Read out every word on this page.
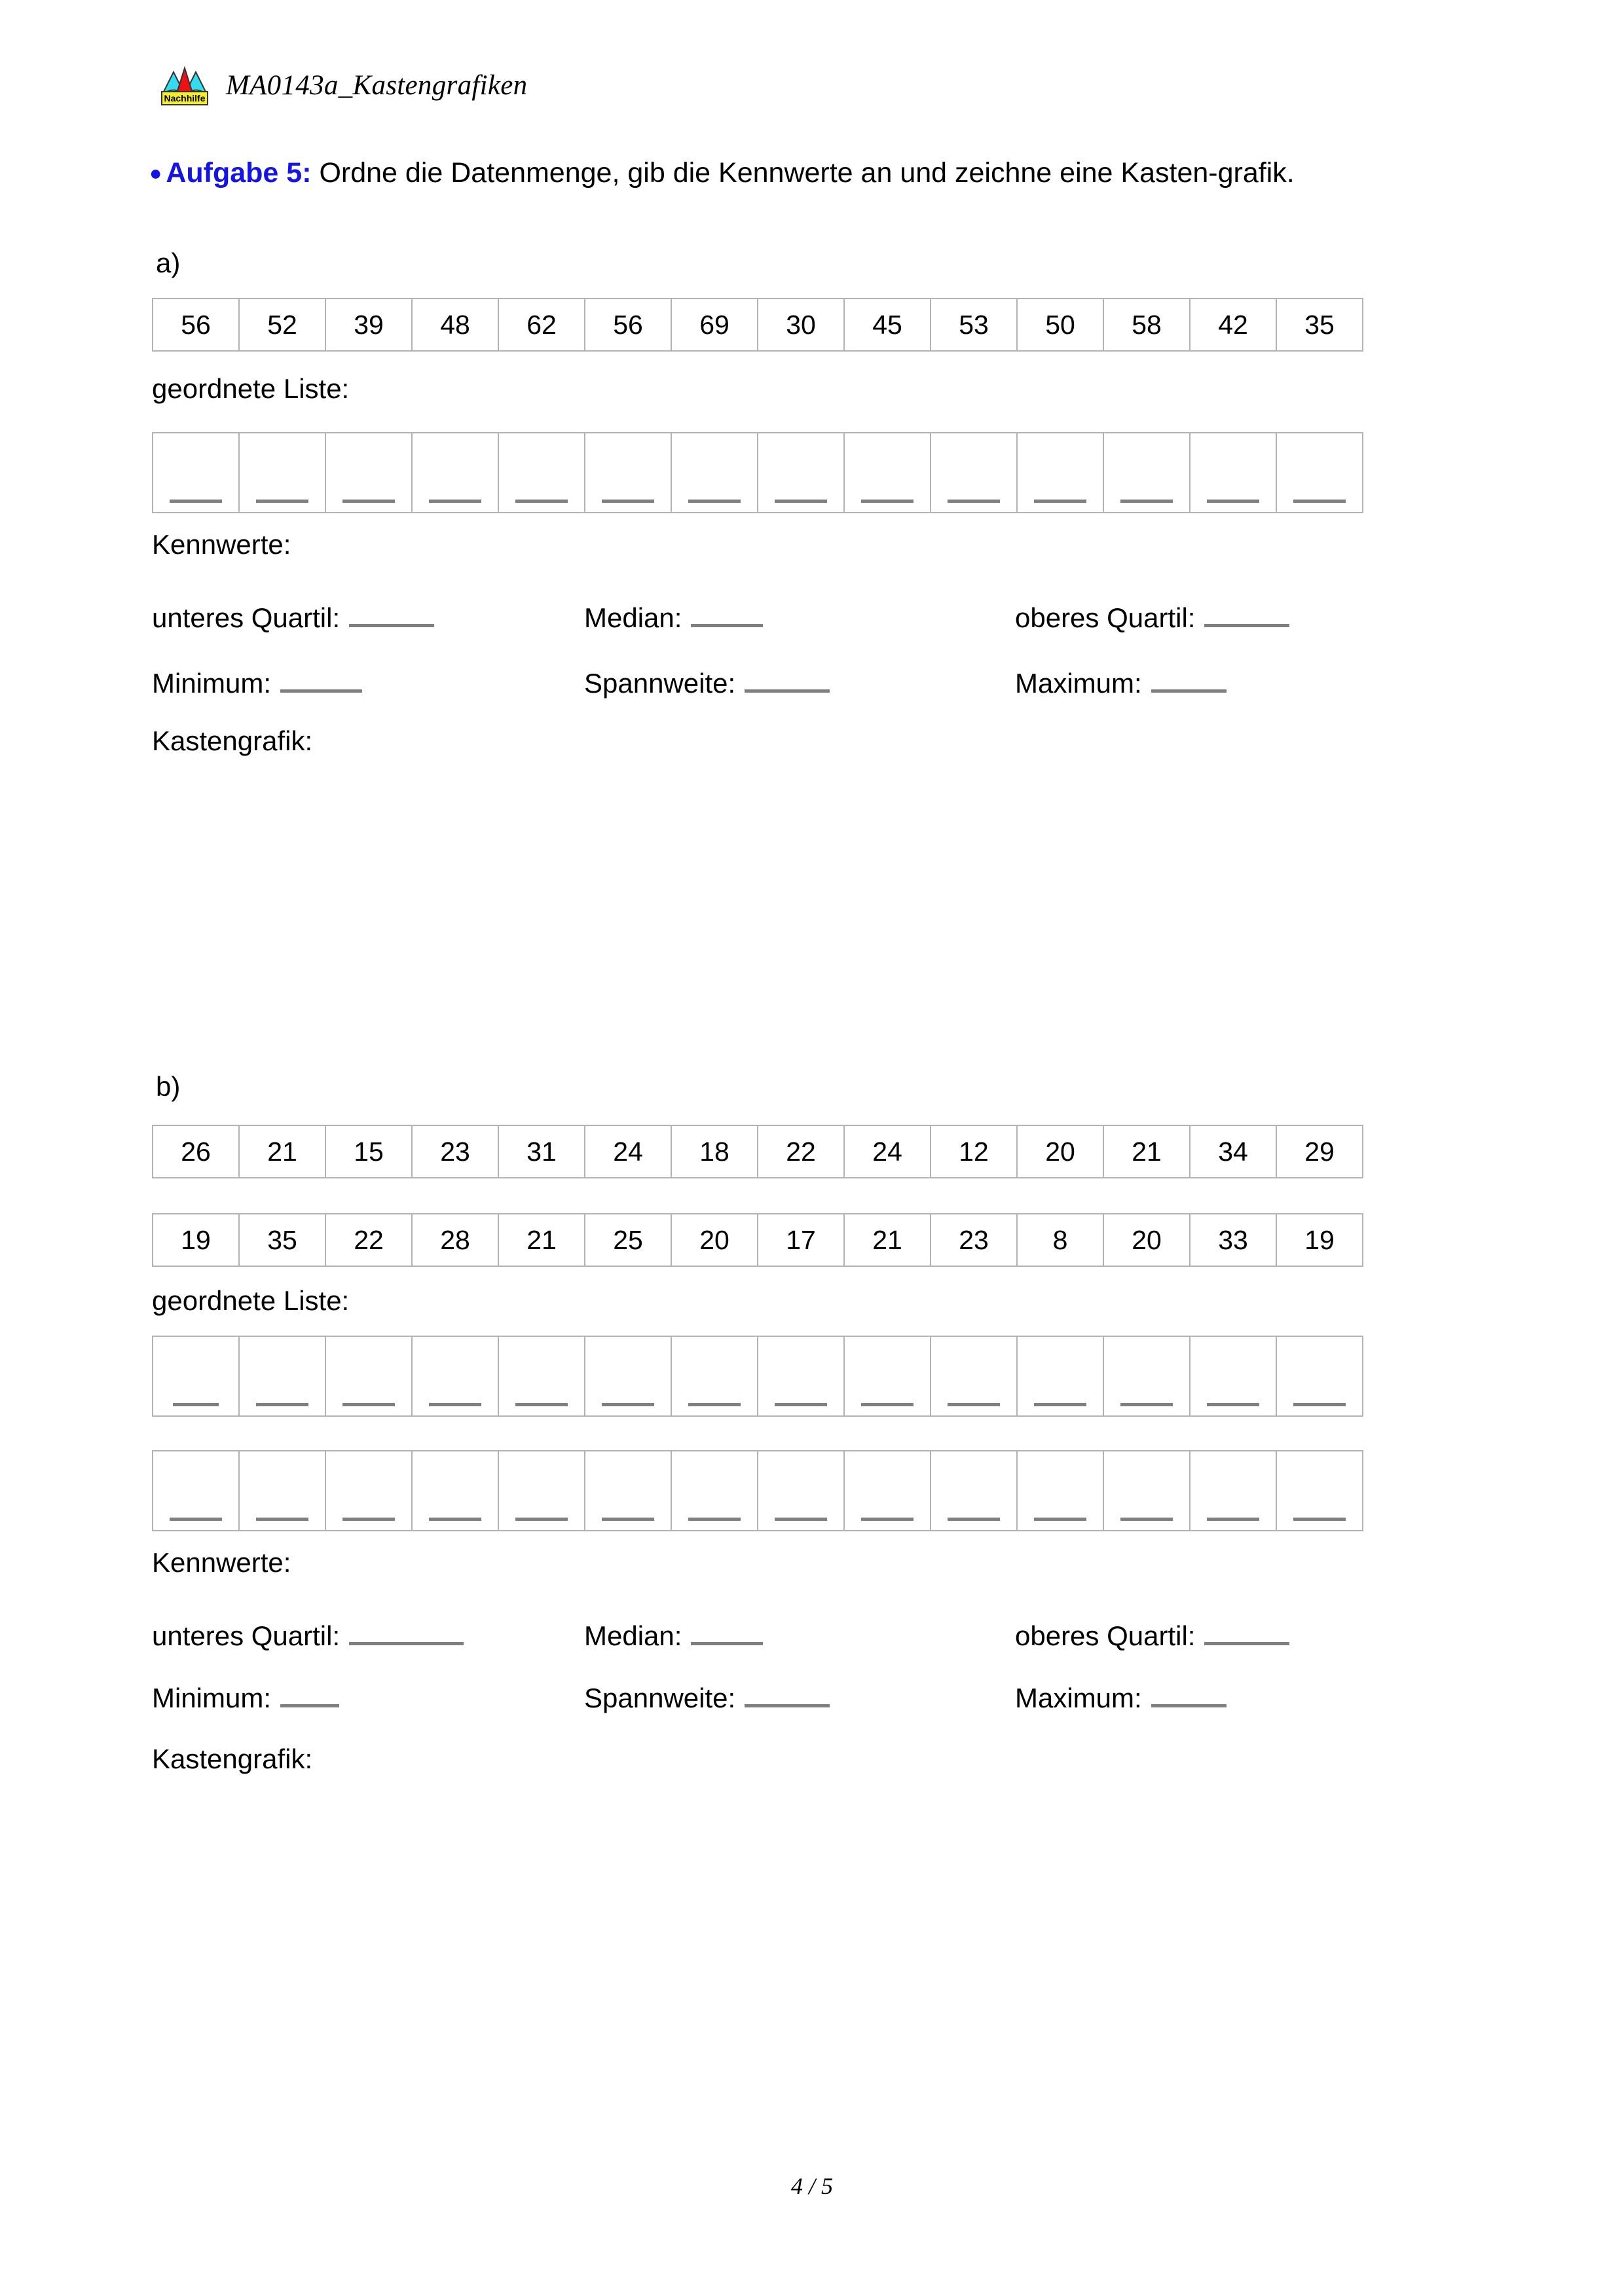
Nachhilfe MA0143a_Kastengrafiken
● Aufgabe 5: Ordne die Datenmenge, gib die Kennwerte an und zeichne eine Kasten-grafik.
a)
56	52	39	48	62	56	69	30	45	53	50	58	42	35
geordnete Liste:

Kennwerte:
unteres Quartil:	Median:	oberes Quartil:
Minimum:	Spannweite:	Maximum:
Kastengrafik:
b)
26	21	15	23	31	24	18	22	24	12	20	21	34	29
19	35	22	28	21	25	20	17	21	23	8	20	33	19
geordnete Liste:

Kennwerte:
unteres Quartil:	Median:	oberes Quartil:
Minimum:	Spannweite:	Maximum:
Kastengrafik:
4 / 5
